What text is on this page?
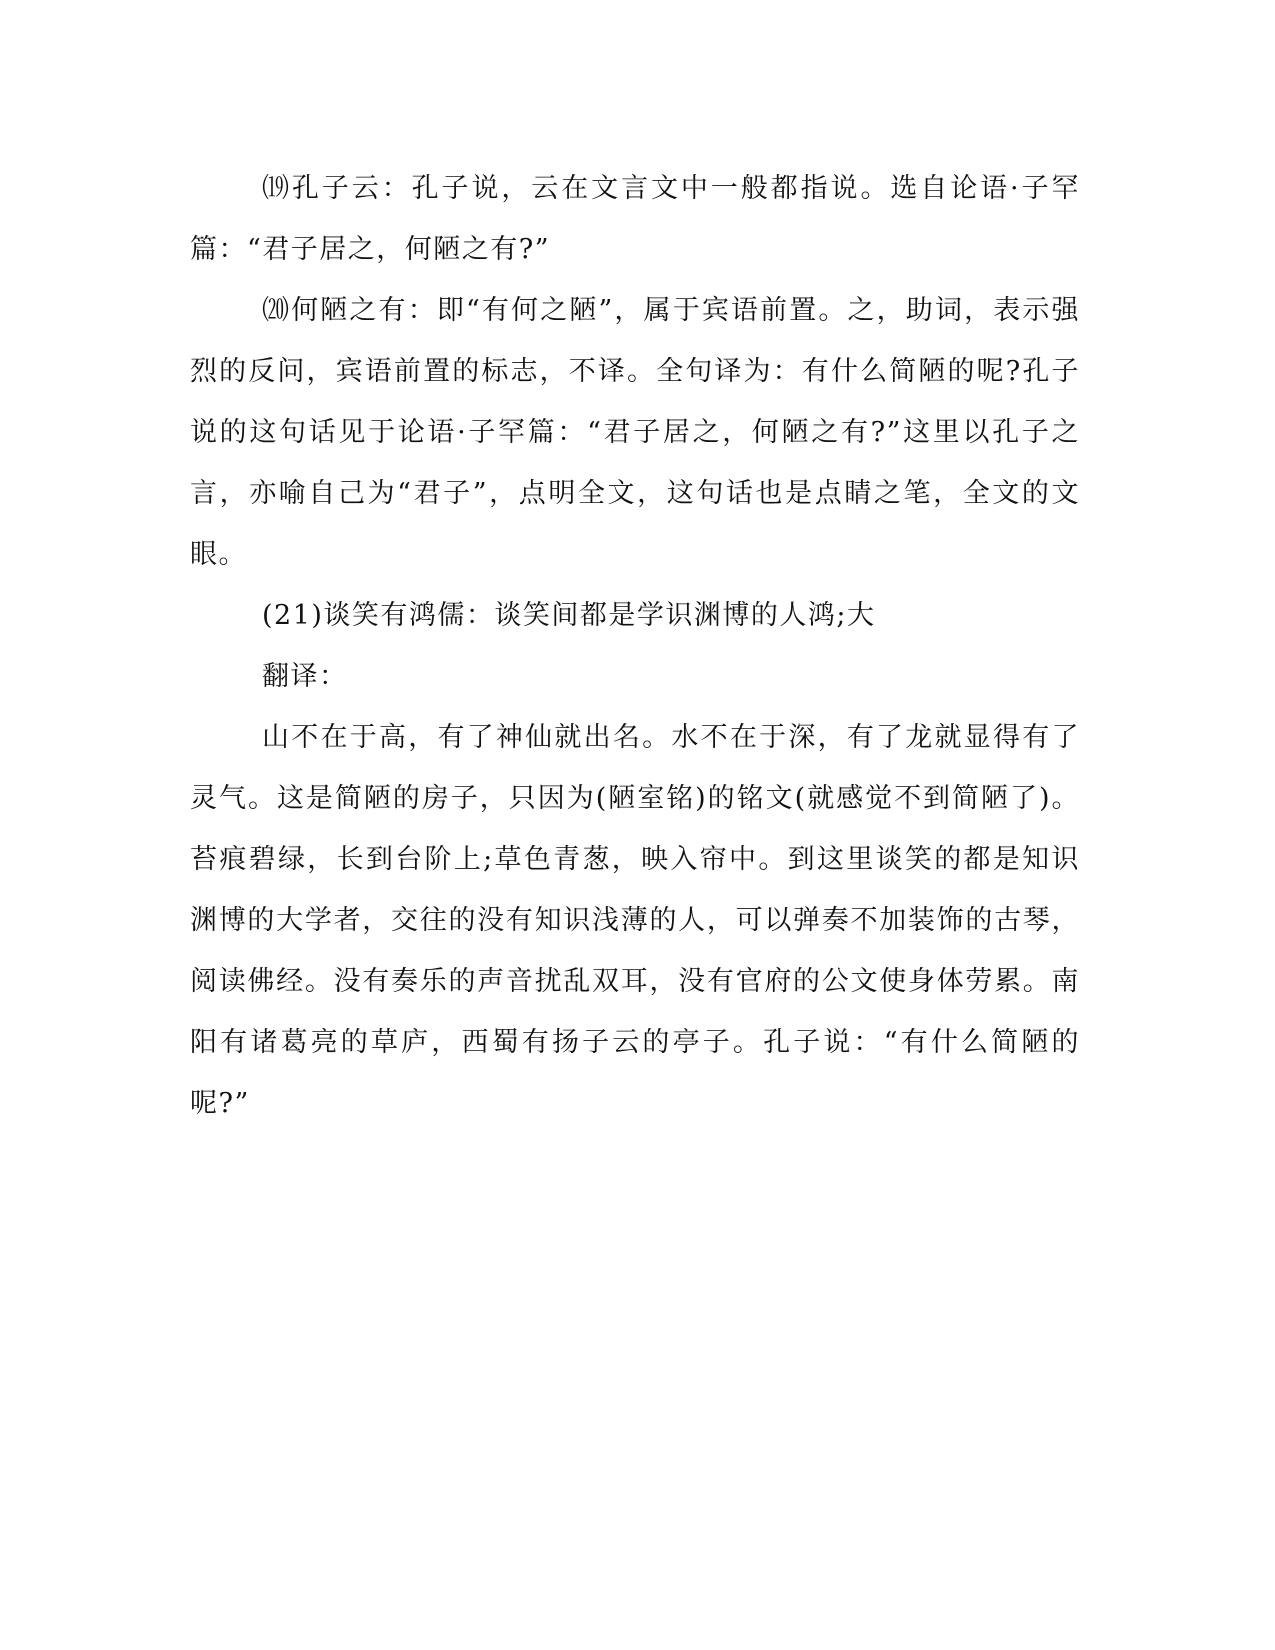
⒆孔子云：孔子说，云在文言文中一般都指说。选自论语·子罕篇：“君子居之，何陋之有?”

⒇何陋之有：即“有何之陋”，属于宾语前置。之，助词，表示强烈的反问，宾语前置的标志，不译。全句译为：有什么简陋的呢?孔子说的这句话见于论语·子罕篇：“君子居之，何陋之有?”这里以孔子之言，亦喻自己为“君子”，点明全文，这句话也是点睛之笔，全文的文眼。

(21)谈笑有鸿儒：谈笑间都是学识渊博的人鸿;大

翻译：

山不在于高，有了神仙就出名。水不在于深，有了龙就显得有了灵气。这是简陋的房子，只因为(陋室铭)的铭文(就感觉不到简陋了)。苔痕碧绿，长到台阶上;草色青葱，映入帘中。到这里谈笑的都是知识渊博的大学者，交往的没有知识浅薄的人，可以弹奏不加装饰的古琴，阅读佛经。没有奏乐的声音扰乱双耳，没有官府的公文使身体劳累。南阳有诸葛亮的草庐，西蜀有扬子云的亭子。孔子说：“有什么简陋的呢?”
